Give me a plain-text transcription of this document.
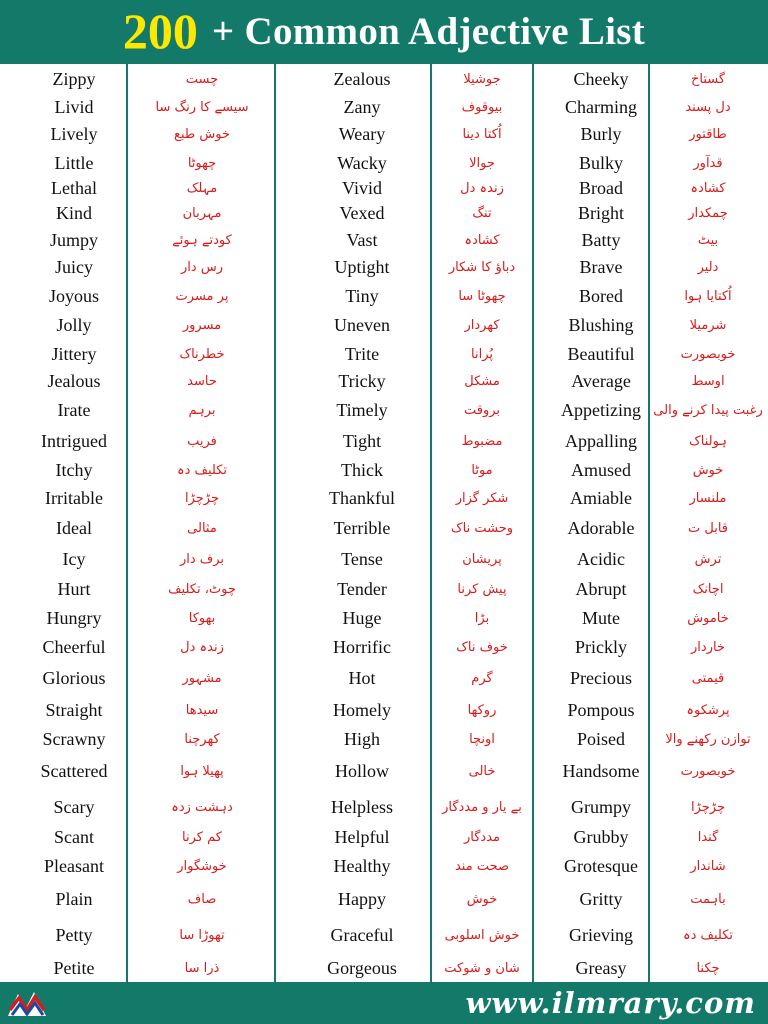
200 + Common Adjective List
Zippy	چست	Zealous	جوشیلا	Cheeky	گستاخ
Livid	سیسے کا رنگ سا	Zany	بیوقوف	Charming	دل پسند
Lively	خوش طبع	Weary	اُکتا دینا	Burly	طاقتور
Little	چھوٹا	Wacky	جوالا	Bulky	قدآور
Lethal	مہلک	Vivid	زندہ دل	Broad	کشادہ
Kind	مہربان	Vexed	تنگ	Bright	چمکدار
Jumpy	کودتے ہوئے	Vast	کشادہ	Batty	بیٹ
Juicy	رس دار	Uptight	دباؤ کا شکار	Brave	دلیر
Joyous	پر مسرت	Tiny	چھوٹا سا	Bored	اُکتایا ہوا
Jolly	مسرور	Uneven	کھردار	Blushing	شرمیلا
Jittery	خطرناک	Trite	پُرانا	Beautiful	خوبصورت
Jealous	حاسد	Tricky	مشکل	Average	اوسط
Irate	برہم	Timely	بروقت	Appetizing رغبت پیدا کرنے والی
Intrigued	فریب	Tight	مضبوط	Appalling	ہولناک
Itchy	تکلیف دہ	Thick	موٹا	Amused	خوش
Irritable	چڑچڑا	Thankful	شکر گزار	Amiable	ملنسار
Ideal	مثالی	Terrible	وحشت ناک	Adorable	قابل ت
Icy	برف دار	Tense	پریشان	Acidic	ترش
Hurt	چوٹ، تکلیف	Tender	پیش کرنا	Abrupt	اچانک
Hungry	بھوکا	Huge	بڑا	Mute	خاموش
Cheerful	زندہ دل	Horrific	خوف ناک	Prickly	خاردار
Glorious	مشہور	Hot	گرم	Precious	قیمتی
Straight	سیدھا	Homely	روکھا	Pompous	پرشکوہ
Scrawny	کھرچنا	High	اونچا	Poised	توازن رکھنے والا
Scattered	پھیلا ہوا	Hollow	خالی	Handsome	خوبصورت
Scary	دہشت زدہ	Helpless	بے یار و مددگار	Grumpy	چڑچڑا
Scant	کم کرنا	Helpful	مددگار	Grubby	گندا
Pleasant	خوشگوار	Healthy	صحت مند	Grotesque	شاندار
Plain	صاف	Happy	خوش	Gritty	باہمت
Petty	تھوڑا سا	Graceful	خوش اسلوبی	Grieving	تکلیف دہ
Petite	ذرا سا	Gorgeous	شان و شوکت	Greasy	چکنا
www.ilmrary.com
